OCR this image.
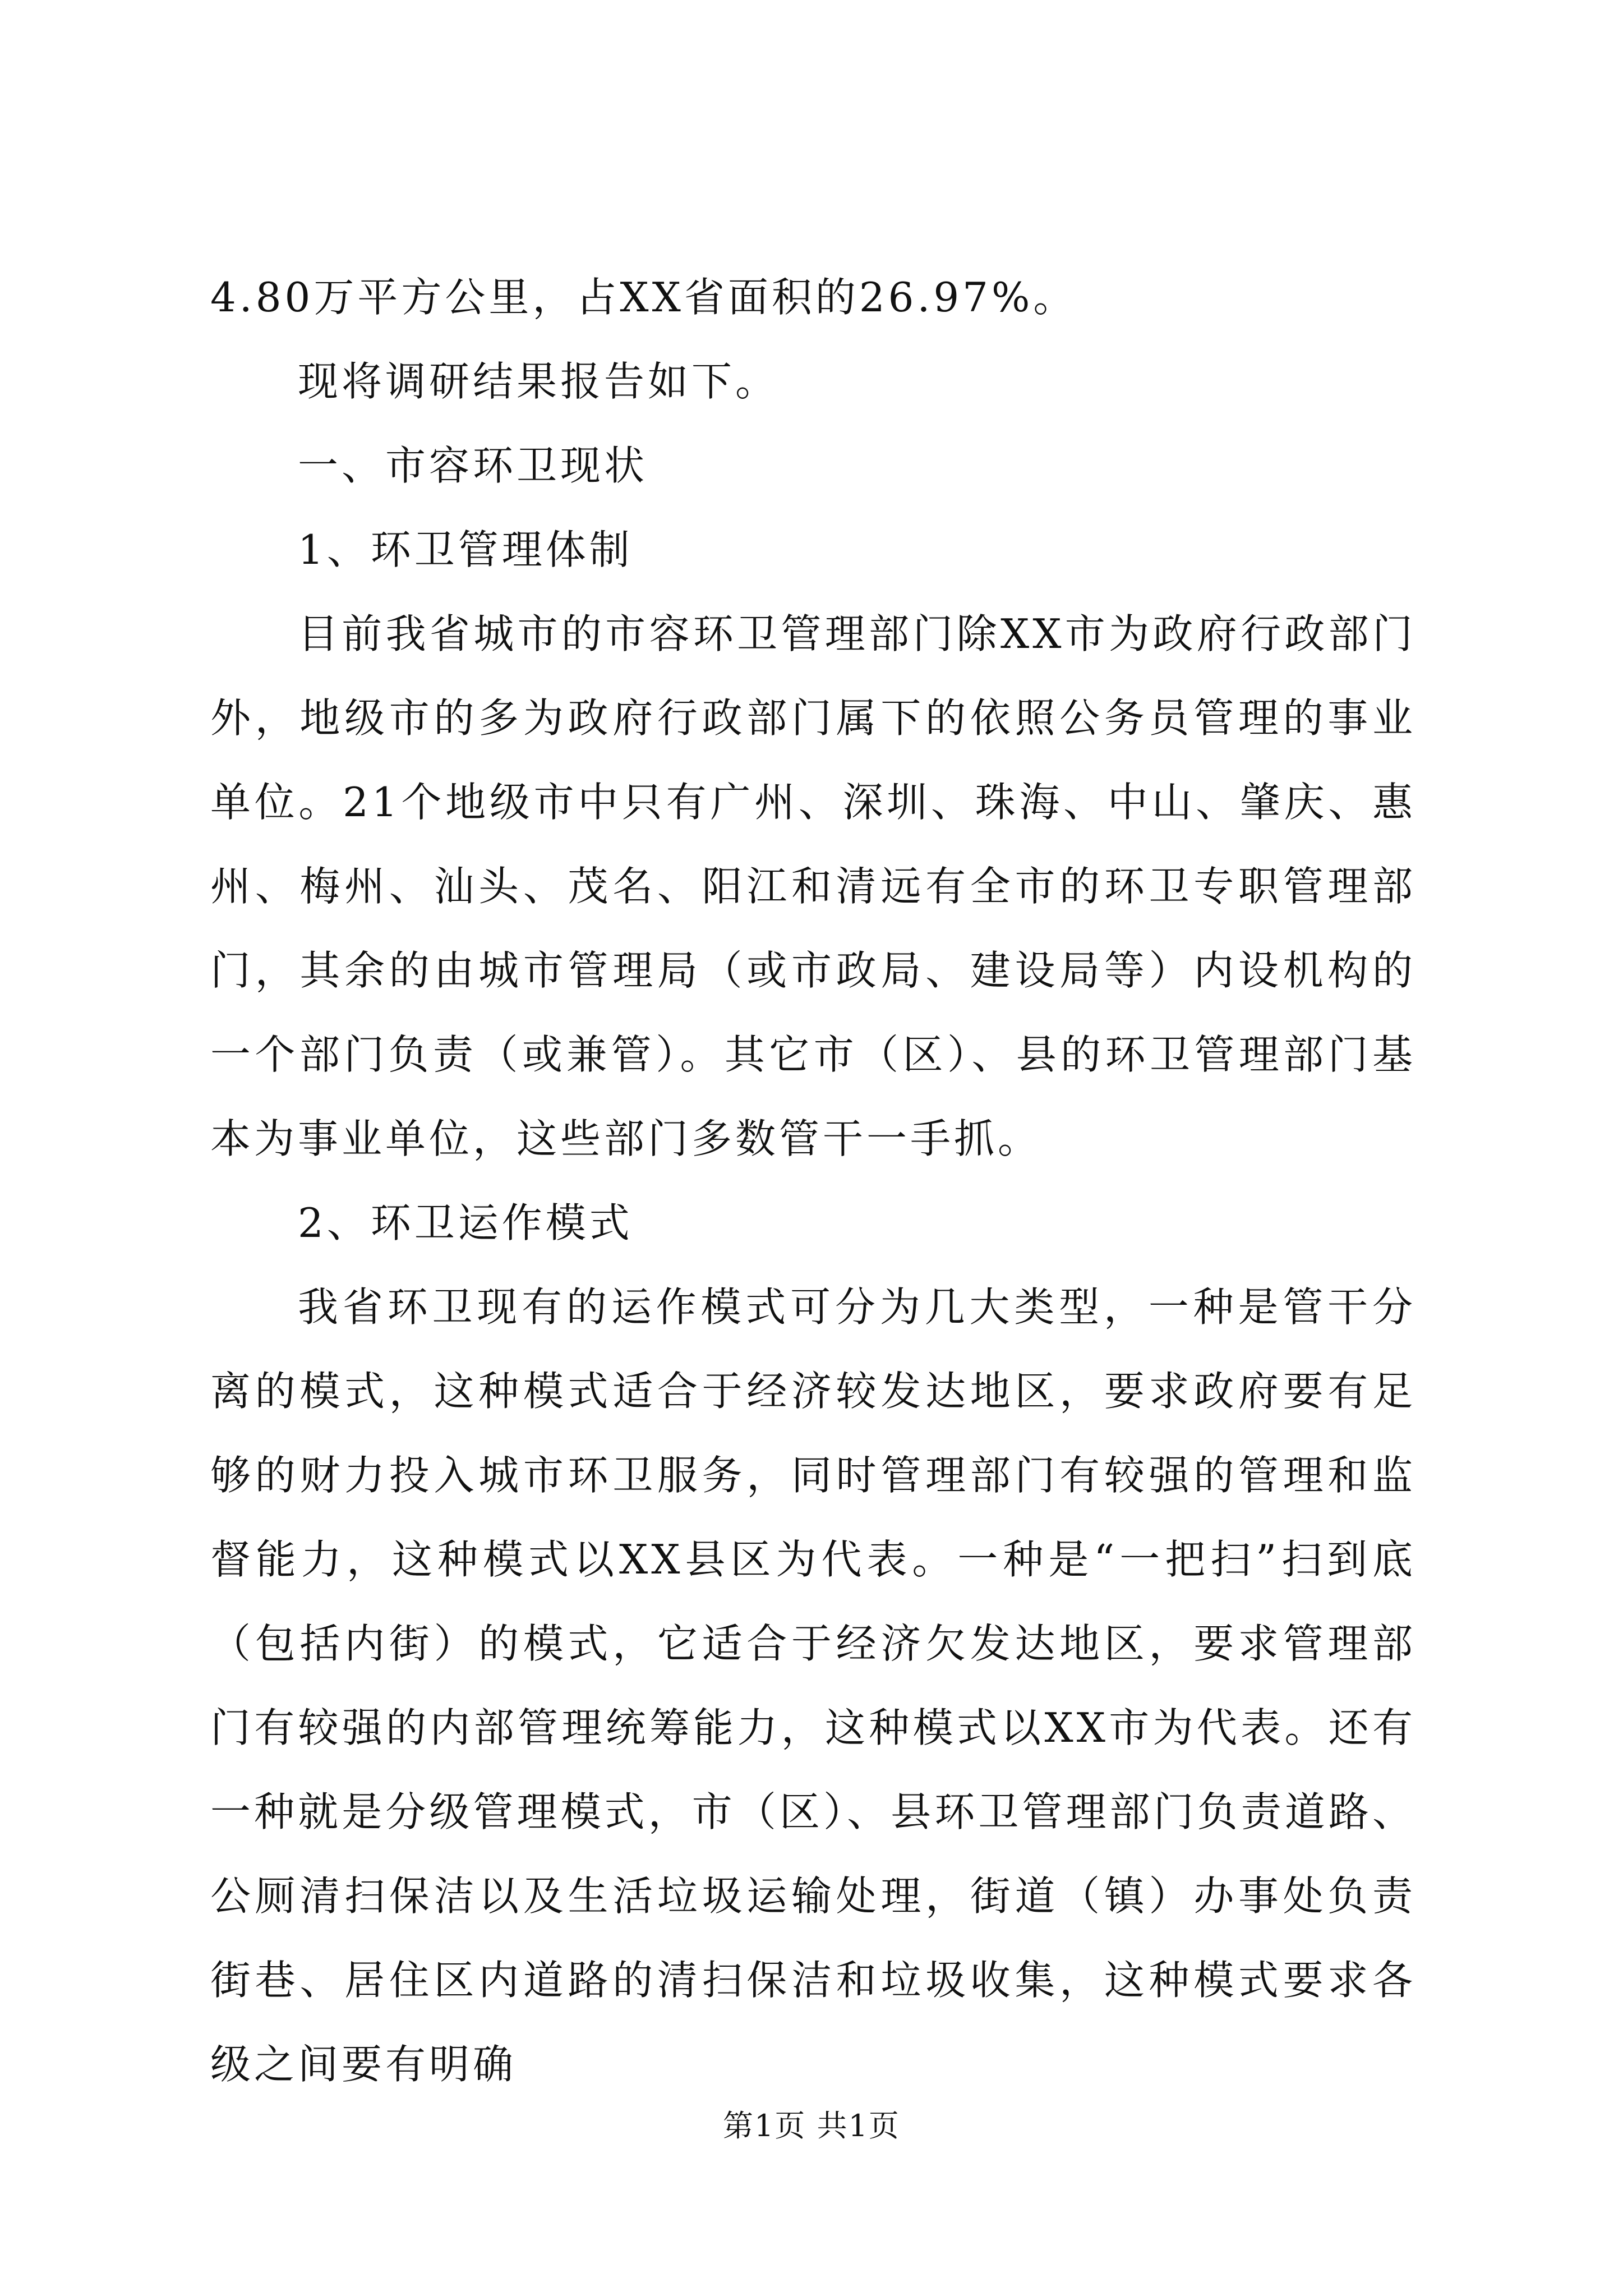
4.80万平方公里，占XX省面积的26.97%。

现将调研结果报告如下。

一、市容环卫现状

1、环卫管理体制

目前我省城市的市容环卫管理部门除XX市为政府行政部门外，地级市的多为政府行政部门属下的依照公务员管理的事业单位。21个地级市中只有广州、深圳、珠海、中山、肇庆、惠州、梅州、汕头、茂名、阳江和清远有全市的环卫专职管理部门，其余的由城市管理局（或市政局、建设局等）内设机构的一个部门负责（或兼管）。其它市（区）、县的环卫管理部门基本为事业单位，这些部门多数管干一手抓。

2、环卫运作模式

我省环卫现有的运作模式可分为几大类型，一种是管干分离的模式，这种模式适合于经济较发达地区，要求政府要有足够的财力投入城市环卫服务，同时管理部门有较强的管理和监督能力，这种模式以XX县区为代表。一种是“一把扫”扫到底（包括内街）的模式，它适合于经济欠发达地区，要求管理部门有较强的内部管理统筹能力，这种模式以XX市为代表。还有一种就是分级管理模式，市（区）、县环卫管理部门负责道路、公厕清扫保洁以及生活垃圾运输处理，街道（镇）办事处负责街巷、居住区内道路的清扫保洁和垃圾收集，这种模式要求各级之间要有明确

第1页 共1页
